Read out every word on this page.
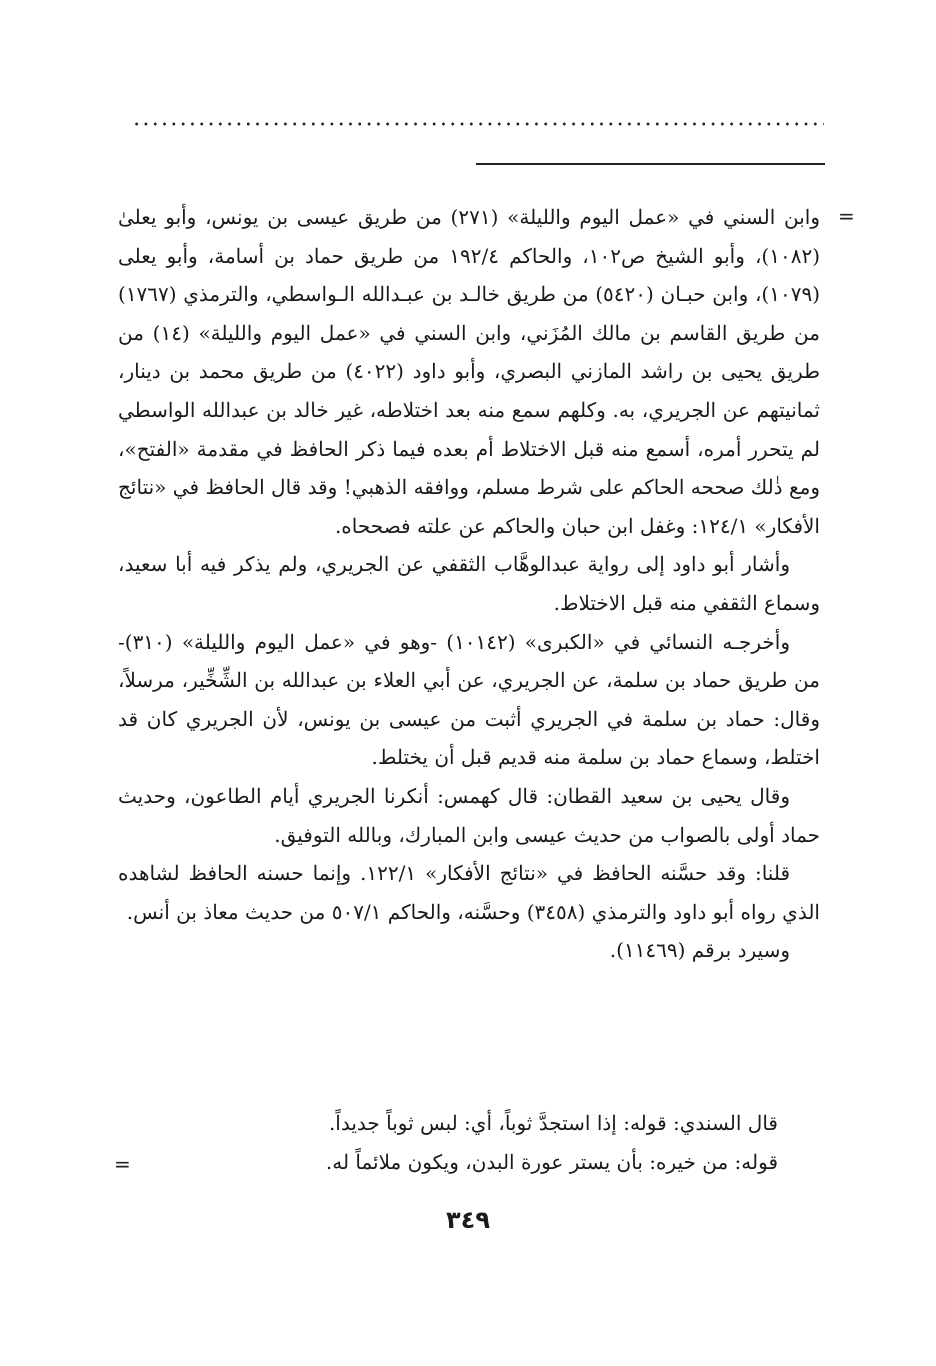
=

وابن السني في «عمل اليوم والليلة» (٢٧١) من طريق عيسى بن يونس، وأبو يعلىٰ (١٠٨٢)، وأبو الشيخ ص١٠٢، والحاكم ١٩٢/٤ من طريق حماد بن أسامة، وأبو يعلى (١٠٧٩)، وابن حبـان (٥٤٢٠) من طريق خالـد بن عبـدالله الـواسطي، والترمذي (١٧٦٧) من طريق القاسم بن مالك المُزَني، وابن السني في «عمل اليوم والليلة» (١٤) من طريق يحيى بن راشد المازني البصري، وأبو داود (٤٠٢٢) من طريق محمد بن دينار، ثمانيتهم عن الجريري، به. وكلهم سمع منه بعد اختلاطه، غير خالد بن عبدالله الواسطي لم يتحرر أمره، أسمع منه قبل الاختلاط أم بعده فيما ذكر الحافظ في مقدمة «الفتح»، ومع ذٰلك صححه الحاكم على شرط مسلم، ووافقه الذهبي! وقد قال الحافظ في «نتائج الأفكار» ١٢٤/١: وغفل ابن حبان والحاكم عن علته فصححاه.

وأشار أبو داود إلى رواية عبدالوهَّاب الثقفي عن الجريري، ولم يذكر فيه أبا سعيد، وسماع الثقفي منه قبل الاختلاط.

وأخرجـه النسائي في «الكبرى» (١٠١٤٢) -وهو في «عمل اليوم والليلة» (٣١٠)- من طريق حماد بن سلمة، عن الجريري، عن أبي العلاء بن عبدالله بن الشِّخِّير، مرسلاً، وقال: حماد بن سلمة في الجريري أثبت من عيسى بن يونس، لأن الجريري كان قد اختلط، وسماع حماد بن سلمة منه قديم قبل أن يختلط.

وقال يحيى بن سعيد القطان: قال كهمس: أنكرنا الجريري أيام الطاعون، وحديث حماد أولى بالصواب من حديث عيسى وابن المبارك، وبالله التوفيق.

قلنا: وقد حسَّنه الحافظ في «نتائج الأفكار» ١٢٢/١. وإنما حسنه الحافظ لشاهده الذي رواه أبو داود والترمذي (٣٤٥٨) وحسَّنه، والحاكم ٥٠٧/١ من حديث معاذ بن أنس.

وسيرد برقم (١١٤٦٩).

قال السندي: قوله: إذا استجدَّ ثوباً، أي: لبس ثوباً جديداً.

قوله: من خيره: بأن يستر عورة البدن، ويكون ملائماً له.

=
٣٤٩
